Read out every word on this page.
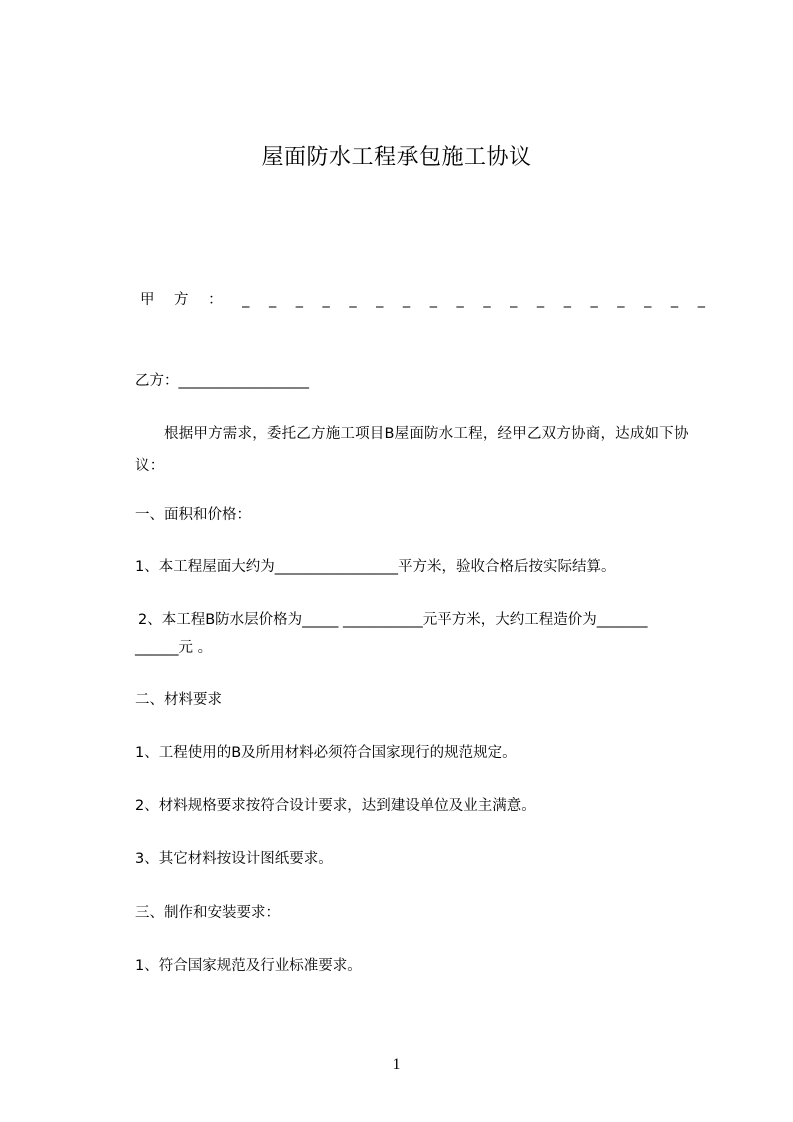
屋面防水工程承包施工协议
甲 方 ： _ _ _ _ _ _ _ _ _ _ _ _ _ _ _ _ _ _
乙方：__________________
根据甲方需求，委托乙方施工项目B屋面防水工程，经甲乙双方协商，达成如下协议：
一、面积和价格：
1、本工程屋面大约为_________________平方米，验收合格后按实际结算。
2、本工程B防水层价格为_____ ___________元平方米，大约工程造价为_______
______元 。
二、材料要求
1、工程使用的B及所用材料必须符合国家现行的规范规定。
2、材料规格要求按符合设计要求，达到建设单位及业主满意。
3、其它材料按设计图纸要求。
三、制作和安装要求：
1、符合国家规范及行业标准要求。
1
